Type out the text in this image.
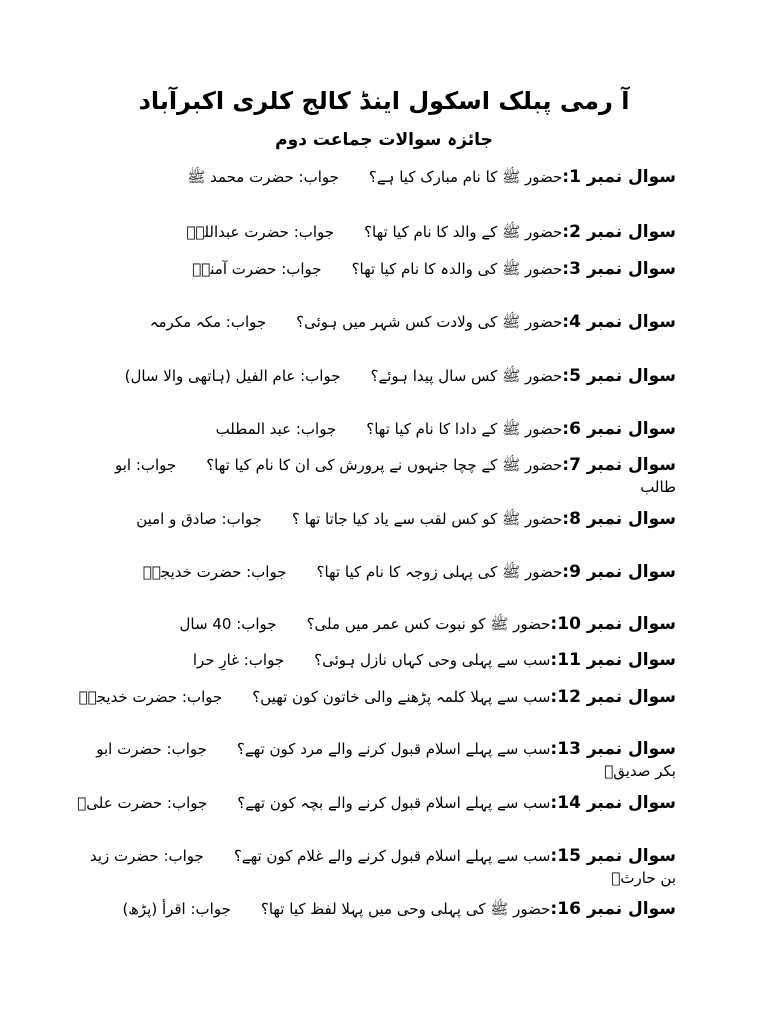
آ رمی پبلک اسکول اینڈ کالج کلری اکبرآباد
جائزہ سوالات جماعت دوم
سوال نمبر 1:حضور ﷺ کا نام مبارک کیا ہے؟جواب: حضرت محمد ﷺ
سوال نمبر 2:حضور ﷺ کے والد کا نام کیا تھا؟جواب: حضرت عبداللہؓ
سوال نمبر 3:حضور ﷺ کی والدہ کا نام کیا تھا؟جواب: حضرت آمنہؓ
سوال نمبر 4:حضور ﷺ کی ولادت کس شہر میں ہوئی؟جواب: مکہ مکرمہ
سوال نمبر 5:حضور ﷺ کس سال پیدا ہوئے؟جواب: عام الفیل (ہاتھی والا سال)
سوال نمبر 6:حضور ﷺ کے دادا کا نام کیا تھا؟جواب: عبد المطلب
سوال نمبر 7:حضور ﷺ کے چچا جنہوں نے پرورش کی ان کا نام کیا تھا؟جواب: ابو طالب
سوال نمبر 8:حضور ﷺ کو کس لقب سے یاد کیا جاتا تھا ؟جواب: صادق و امین
سوال نمبر 9:حضور ﷺ کی پہلی زوجہ کا نام کیا تھا؟جواب: حضرت خدیجہؓ
سوال نمبر 10:حضور ﷺ کو نبوت کس عمر میں ملی؟جواب: 40 سال
سوال نمبر 11:سب سے پہلی وحی کہاں نازل ہوئی؟جواب: غارِ حرا
سوال نمبر 12:سب سے پہلا کلمہ پڑھنے والی خاتون کون تھیں؟جواب: حضرت خدیجہؓ
سوال نمبر 13:سب سے پہلے اسلام قبول کرنے والے مرد کون تھے؟جواب: حضرت ابو بکر صدیقؓ
سوال نمبر 14:سب سے پہلے اسلام قبول کرنے والے بچہ کون تھے؟جواب: حضرت علیؓ
سوال نمبر 15:سب سے پہلے اسلام قبول کرنے والے غلام کون تھے؟جواب: حضرت زید بن حارثؓ
سوال نمبر 16:حضور ﷺ کی پہلی وحی میں پہلا لفظ کیا تھا؟جواب: اقرأ (پڑھ)
